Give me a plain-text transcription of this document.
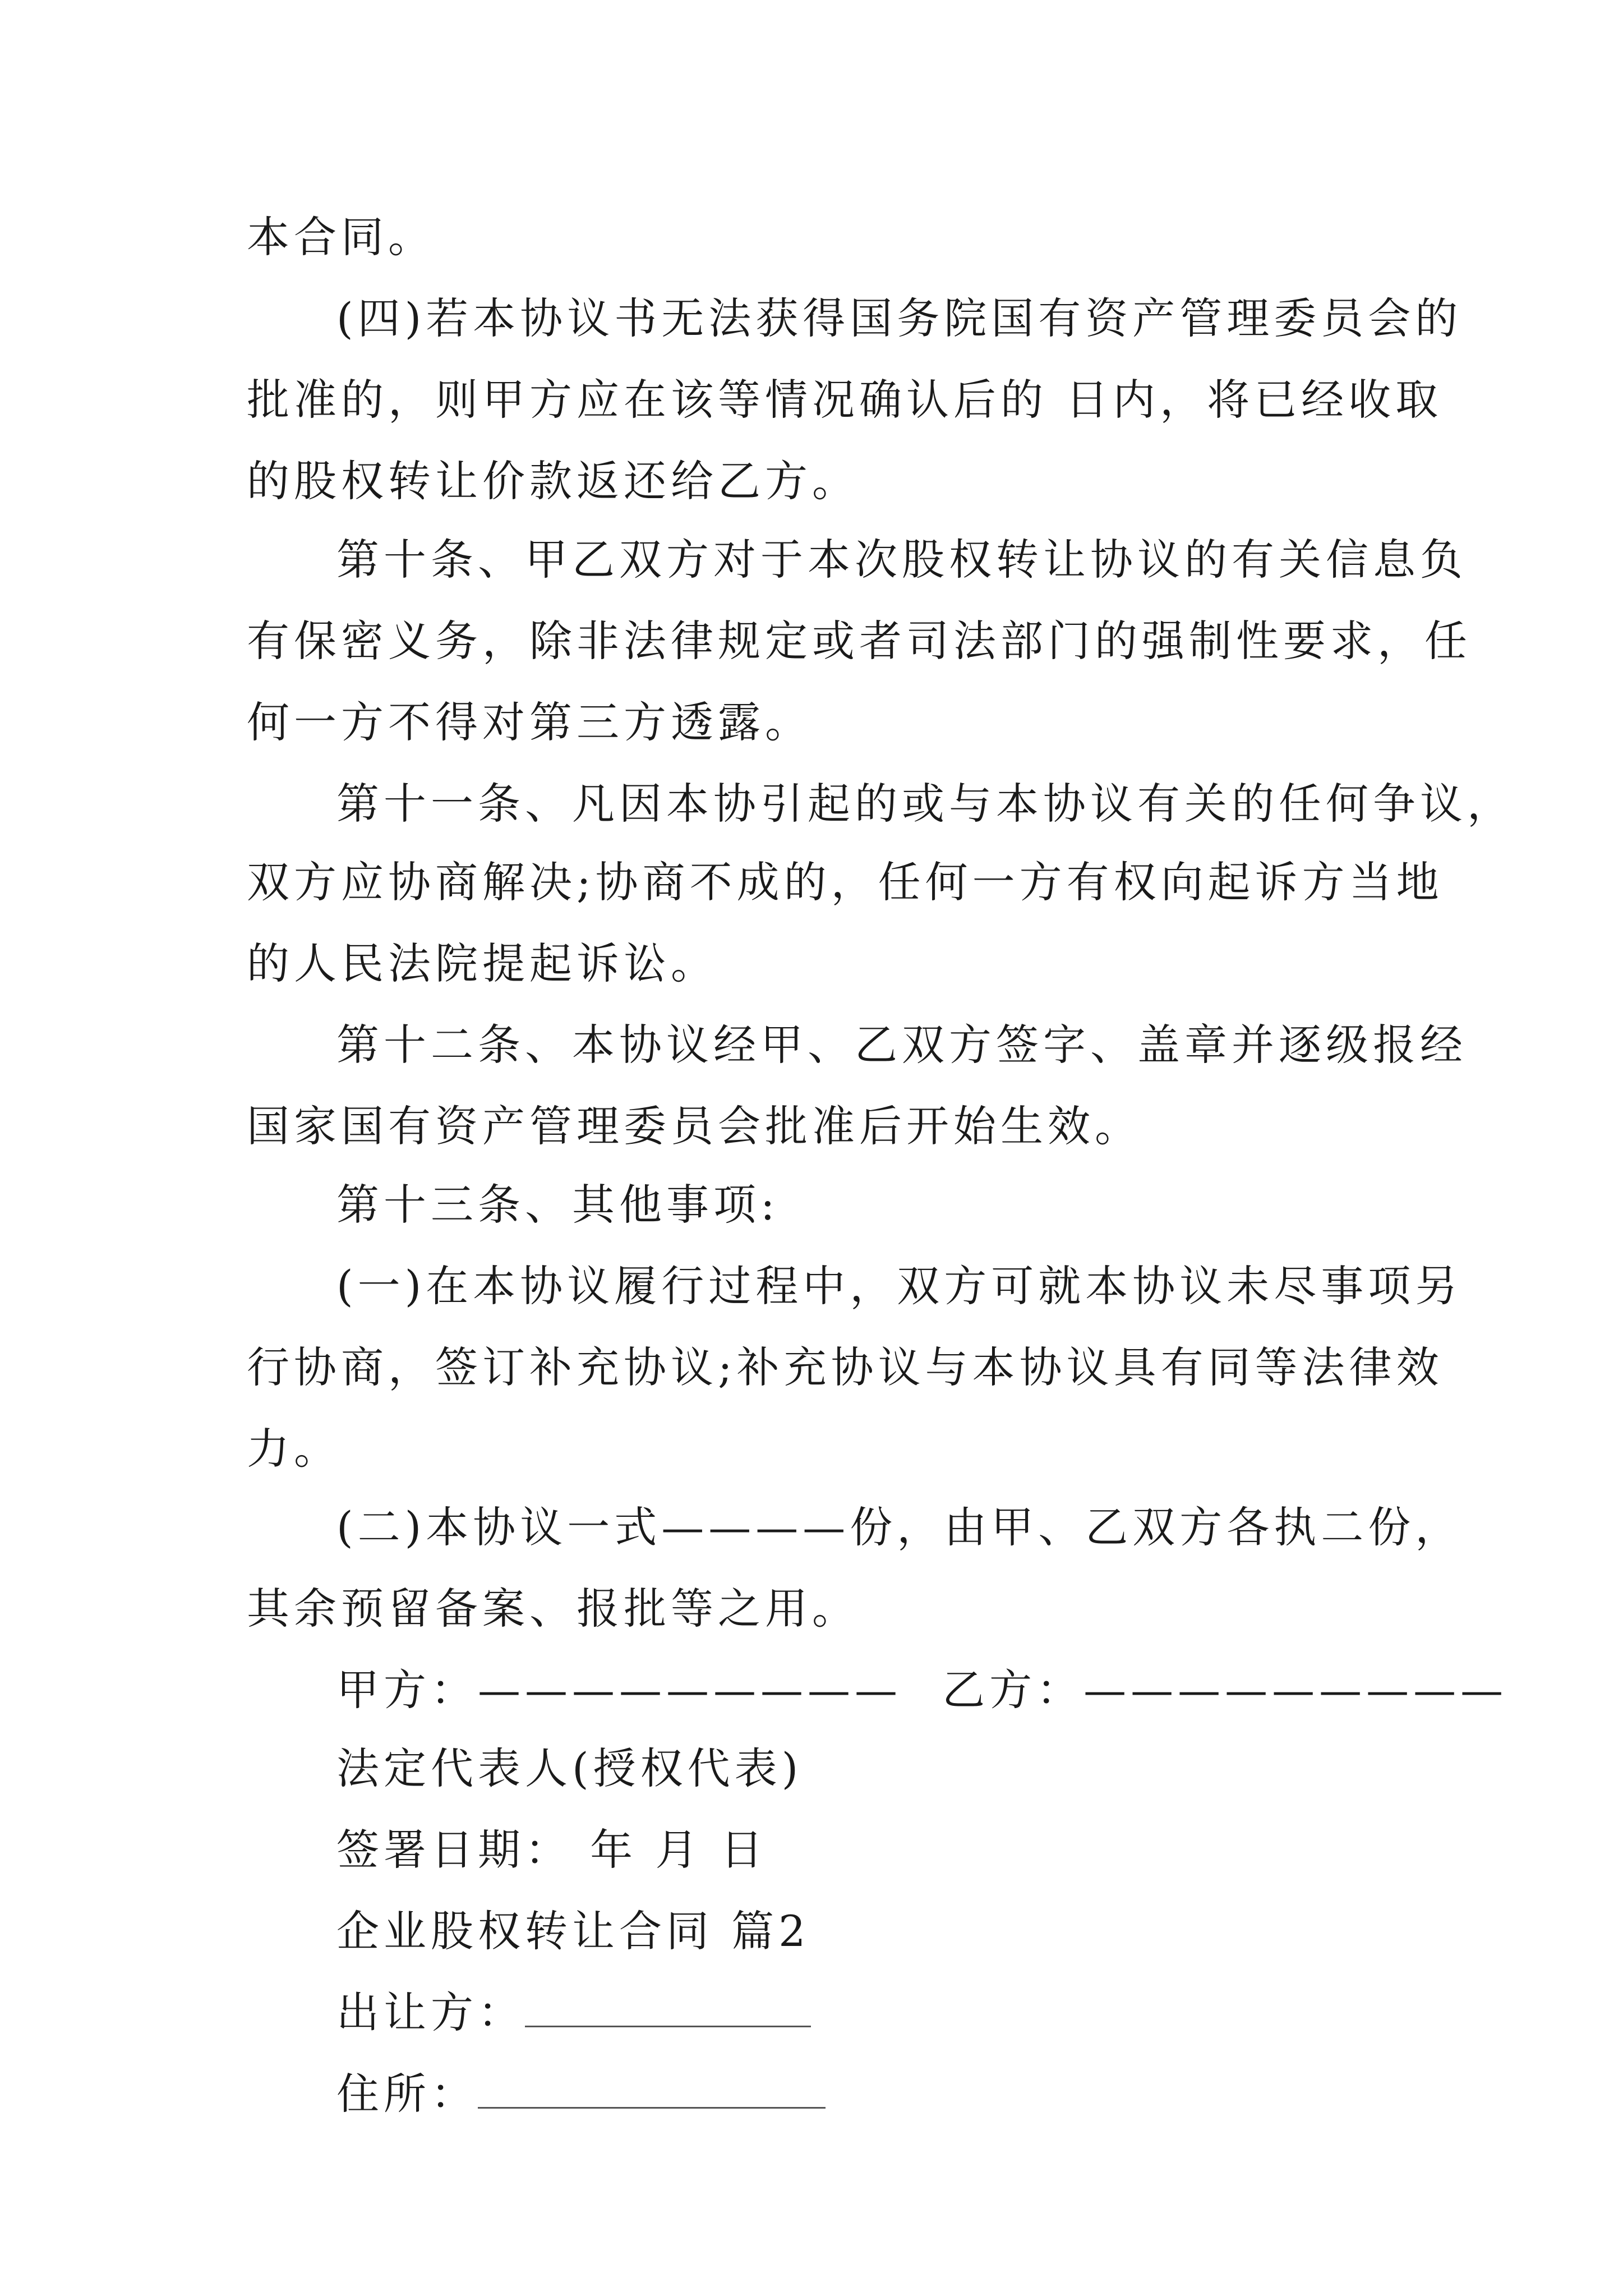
本合同。
(四)若本协议书无法获得国务院国有资产管理委员会的
批准的，则甲方应在该等情况确认后的 日内，将已经收取
的股权转让价款返还给乙方。
第十条、甲乙双方对于本次股权转让协议的有关信息负
有保密义务，除非法律规定或者司法部门的强制性要求，任
何一方不得对第三方透露。
第十一条、凡因本协引起的或与本协议有关的任何争议，
双方应协商解决;协商不成的，任何一方有权向起诉方当地
的人民法院提起诉讼。
第十二条、本协议经甲、乙双方签字、盖章并逐级报经
国家国有资产管理委员会批准后开始生效。
第十三条、其他事项:
(一)在本协议履行过程中，双方可就本协议未尽事项另
行协商，签订补充协议;补充协议与本协议具有同等法律效
力。
(二)本协议一式————份，由甲、乙双方各执二份，
其余预留备案、报批等之用。
甲方：————————— 乙方：—————————
法定代表人(授权代表)
签署日期： 年 月 日
企业股权转让合同 篇2
出让方：
住所：
